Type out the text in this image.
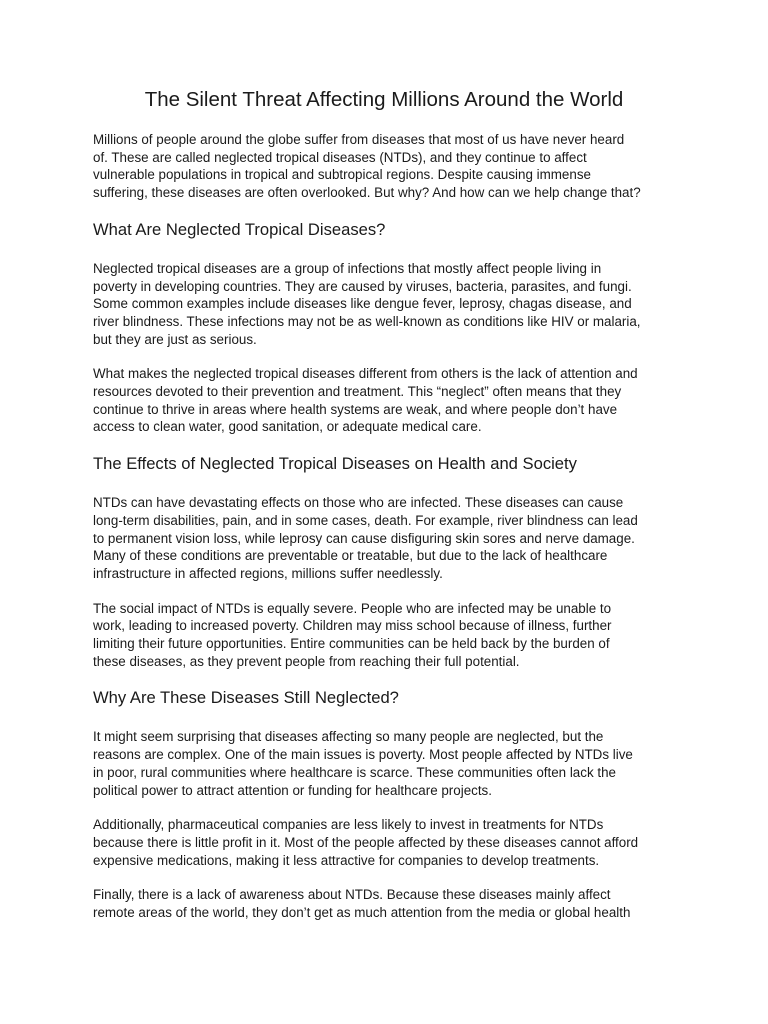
The Silent Threat Affecting Millions Around the World

Millions of people around the globe suffer from diseases that most of us have never heard
of. These are called neglected tropical diseases (NTDs), and they continue to affect
vulnerable populations in tropical and subtropical regions. Despite causing immense
suffering, these diseases are often overlooked. But why? And how can we help change that?

What Are Neglected Tropical Diseases?

Neglected tropical diseases are a group of infections that mostly affect people living in
poverty in developing countries. They are caused by viruses, bacteria, parasites, and fungi.
Some common examples include diseases like dengue fever, leprosy, chagas disease, and
river blindness. These infections may not be as well-known as conditions like HIV or malaria,
but they are just as serious.

What makes the neglected tropical diseases different from others is the lack of attention and
resources devoted to their prevention and treatment. This “neglect” often means that they
continue to thrive in areas where health systems are weak, and where people don’t have
access to clean water, good sanitation, or adequate medical care.

The Effects of Neglected Tropical Diseases on Health and Society

NTDs can have devastating effects on those who are infected. These diseases can cause
long-term disabilities, pain, and in some cases, death. For example, river blindness can lead
to permanent vision loss, while leprosy can cause disfiguring skin sores and nerve damage.
Many of these conditions are preventable or treatable, but due to the lack of healthcare
infrastructure in affected regions, millions suffer needlessly.

The social impact of NTDs is equally severe. People who are infected may be unable to
work, leading to increased poverty. Children may miss school because of illness, further
limiting their future opportunities. Entire communities can be held back by the burden of
these diseases, as they prevent people from reaching their full potential.

Why Are These Diseases Still Neglected?

It might seem surprising that diseases affecting so many people are neglected, but the
reasons are complex. One of the main issues is poverty. Most people affected by NTDs live
in poor, rural communities where healthcare is scarce. These communities often lack the
political power to attract attention or funding for healthcare projects.

Additionally, pharmaceutical companies are less likely to invest in treatments for NTDs
because there is little profit in it. Most of the people affected by these diseases cannot afford
expensive medications, making it less attractive for companies to develop treatments.

Finally, there is a lack of awareness about NTDs. Because these diseases mainly affect
remote areas of the world, they don’t get as much attention from the media or global health
